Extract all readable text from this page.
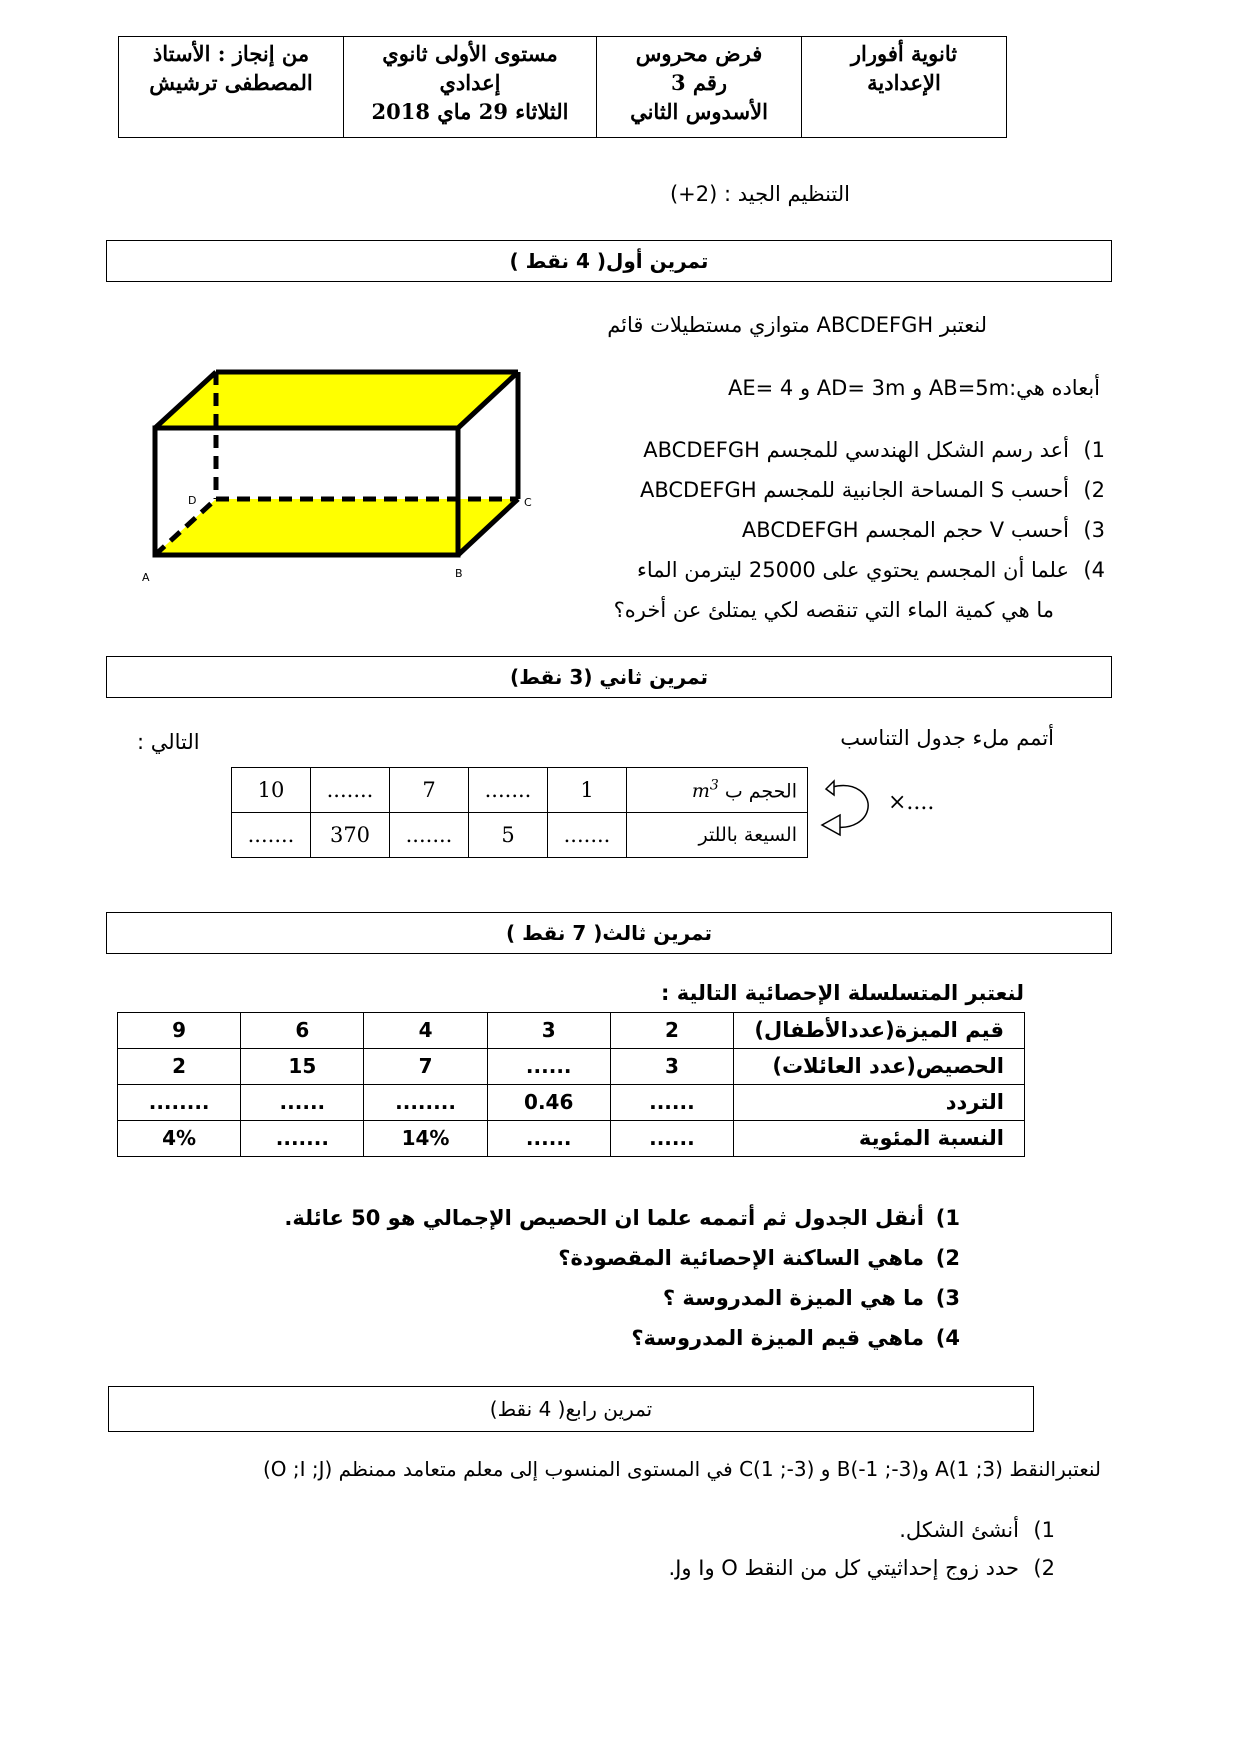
ثانوية أفورار
الإعدادية

فرض محروس
رقم 3
الأسدوس الثاني

مستوى الأولى ثانوي
إعدادي
الثلاثاء 29 ماي 2018

من إنجاز : الأستاذ
المصطفى ترشيش
التنظيم الجيد : (2+)
تمرين أول( 4 نقط )
لنعتبر ABCDEFGH متوازي مستطيلات قائم
أبعاده هي:AB=5m و AD= 3m و AE= 4
A	B
C
D
1)أعد رسم الشكل الهندسي للمجسم ABCDEFGH
2)أحسب S المساحة الجانبية للمجسم ABCDEFGH
3)أحسب V حجم المجسم ABCDEFGH
4)علما أن المجسم يحتوي على 25000 ليترمن الماء
ما هي كمية الماء التي تنقصه لكي يمتلئ عن أخره؟
تمرين ثاني (3 نقط)
أتمم ملء جدول التناسب
التالي :
الحجم ب $m^3$	1	.......	7	.......	10
السيعة باللتر	.......	5	.......	370	.......
×....
تمرين ثالث( 7 نقط )
لنعتبر المتسلسلة الإحصائية التالية :
قيم الميزة(عددالأطفال)	2	3	4	6	9
الحصيص(عدد العائلات)	3	......	7	15	2
التردد	......	0.46	........	......	........
النسبة المئوية	......	......	14%	.......	4%
1)أنقل الجدول ثم أتممه علما ان الحصيص الإجمالي هو 50 عائلة.
2)ماهي الساكنة الإحصائية المقصودة؟
3)ما هي الميزة المدروسة ؟
4)ماهي قيم الميزة المدروسة؟
تمرين رابع( 4 نقط)
لنعتبرالنقط A(1 ;3) وB(-1 ;-3) و C(1 ;-3) في المستوى المنسوب إلى معلم متعامد ممنظم (O ;I ;J)
1)أنشئ الشكل.
2)حدد زوج إحداثيتي كل من النقط O وI وJ.
